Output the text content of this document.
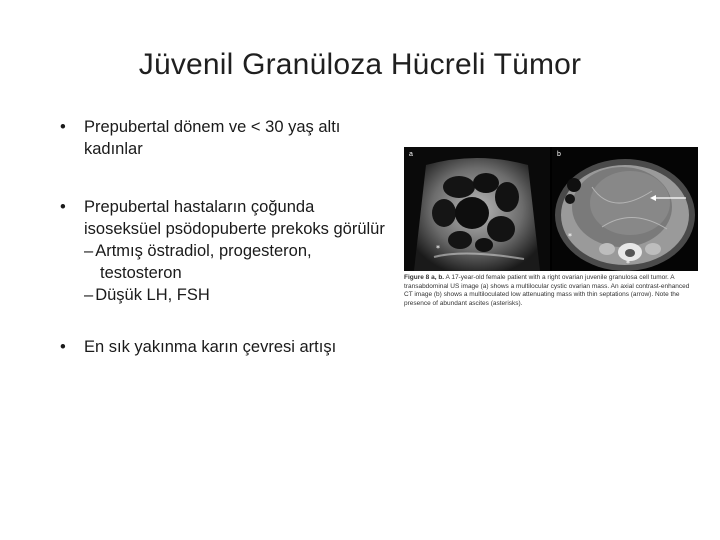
Jüvenil Granüloza Hücreli Tümor
• Prepubertal dönem ve < 30 yaş altı kadınlar
• Prepubertal hastaların çoğunda isoseksüel psödopuberte prekoks görülür
– Artmış östradiol, progesteron, testosteron
– Düşük LH, FSH
• En sık yakınma karın çevresi artışı
*
a
*
*
b
Figure 8 a, b. A 17-year-old female patient with a right ovarian juvenile granulosa cell tumor. A transabdominal US image (a) shows a multilocular cystic ovarian mass. An axial contrast-enhanced CT image (b) shows a multiloculated low attenuating mass with thin septations (arrow). Note the presence of abundant ascites (asterisks).
